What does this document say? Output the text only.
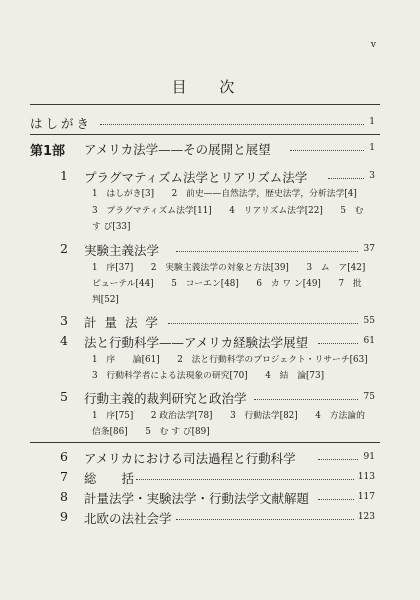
v
目 次
はしがき	1
第1部 アメリカ法学——その展開と展望	1
1 プラグマティズム法学とリアリズム法学	3
1　はしがき[3]　　2　前史——自然法学，歴史法学，分析法学[4]
3　プラグマティズム法学[11]　　4　リアリズム法学[22]　　5　む
す び[33]
2 実験主義法学	37
1　序[37]　　2　実験主義法学の対象と方法[39]　　3　ム　ア[42]
ビューテル[44]　　5　コーエン[48]　　6　カ ワ ン[49]　　7　批
判[52]
3 計 量 法 学	55
4 法と行動科学——アメリカ経験法学展望	61
1　序　　論[61]　　2　法と行動科学のプロジェクト・リサーチ[63]
3　行動科学者による法現象の研究[70]　　4　結　論[73]
5 行動主義的裁判研究と政治学	75
1　序[75]　　2 政治法学[78]　　3　行動法学[82]　　4　方法論的
信条[86]　　5　む す び[89]
6 アメリカにおける司法過程と行動科学	91
7 総　　括	113
8 計量法学・実験法学・行動法学文献解題	117
9 北欧の法社会学	123
